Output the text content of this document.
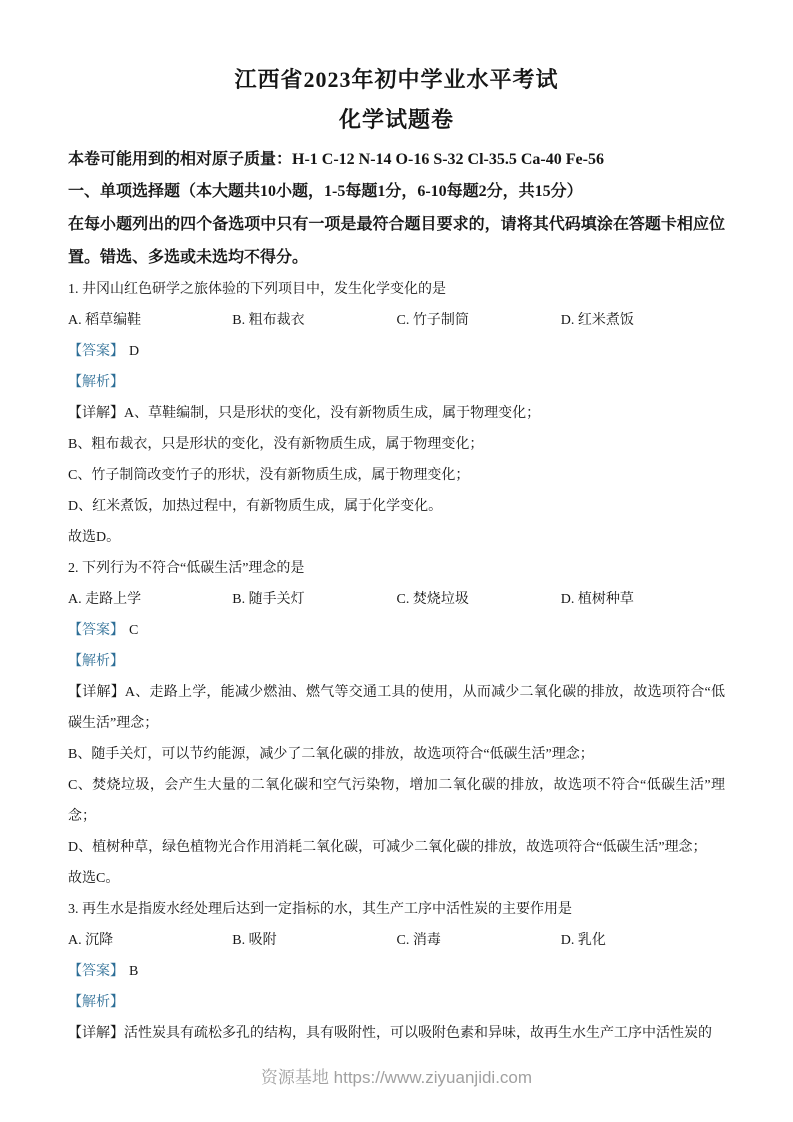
江西省2023年初中学业水平考试
化学试题卷
本卷可能用到的相对原子质量：H-1 C-12 N-14 O-16 S-32 Cl-35.5 Ca-40 Fe-56
一、单项选择题（本大题共10小题，1-5每题1分，6-10每题2分，共15分）
在每小题列出的四个备选项中只有一项是最符合题目要求的，请将其代码填涂在答题卡相应位置。错选、多选或未选均不得分。
1. 井冈山红色研学之旅体验的下列项目中，发生化学变化的是
A. 稻草编鞋	B. 粗布裁衣	C. 竹子制筒	D. 红米煮饭
【答案】 D
【解析】
【详解】A、草鞋编制，只是形状的变化，没有新物质生成，属于物理变化；
B、粗布裁衣，只是形状的变化，没有新物质生成，属于物理变化；
C、竹子制筒改变竹子的形状，没有新物质生成，属于物理变化；
D、红米煮饭，加热过程中，有新物质生成，属于化学变化。
故选D。
2. 下列行为不符合“低碳生活”理念的是
A. 走路上学	B. 随手关灯	C. 焚烧垃圾	D. 植树种草
【答案】 C
【解析】
【详解】A、走路上学，能减少燃油、燃气等交通工具的使用，从而减少二氧化碳的排放，故选项符合“低碳生活”理念；
B、随手关灯，可以节约能源，减少了二氧化碳的排放，故选项符合“低碳生活”理念；
C、焚烧垃圾，会产生大量的二氧化碳和空气污染物，增加二氧化碳的排放，故选项不符合“低碳生活”理念；
D、植树种草，绿色植物光合作用消耗二氧化碳，可减少二氧化碳的排放，故选项符合“低碳生活”理念；
故选C。
3. 再生水是指废水经处理后达到一定指标的水，其生产工序中活性炭的主要作用是
A. 沉降	B. 吸附	C. 消毒	D. 乳化
【答案】 B
【解析】
【详解】活性炭具有疏松多孔的结构，具有吸附性，可以吸附色素和异味，故再生水生产工序中活性炭的
资源基地 https://www.ziyuanjidi.com
